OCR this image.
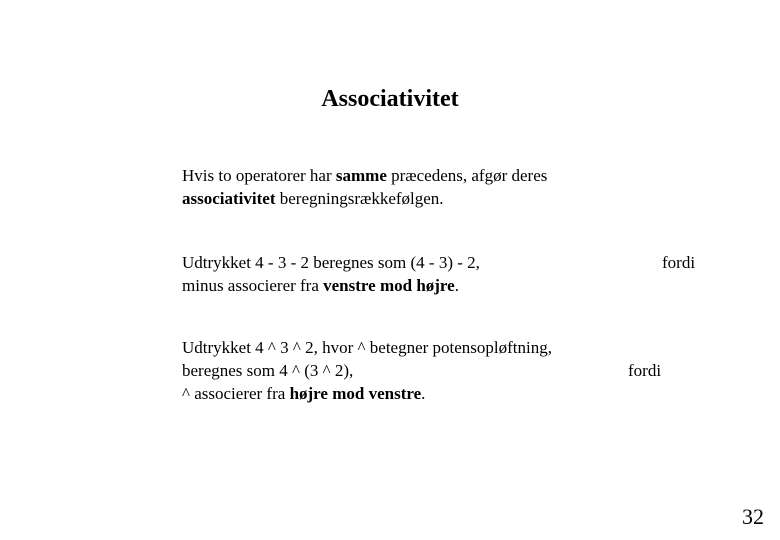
Associativitet
Hvis to operatorer har samme præcedens, afgør deres
associativitet beregningsrækkefølgen.
Udtrykket 4 - 3 - 2 beregnes som (4 - 3) - 2,	fordi
minus associerer fra venstre mod højre.
Udtrykket 4 ^ 3 ^ 2, hvor ^ betegner potensopløftning,
beregnes som 4 ^ (3 ^ 2),	fordi
^ associerer fra højre mod venstre.
32
